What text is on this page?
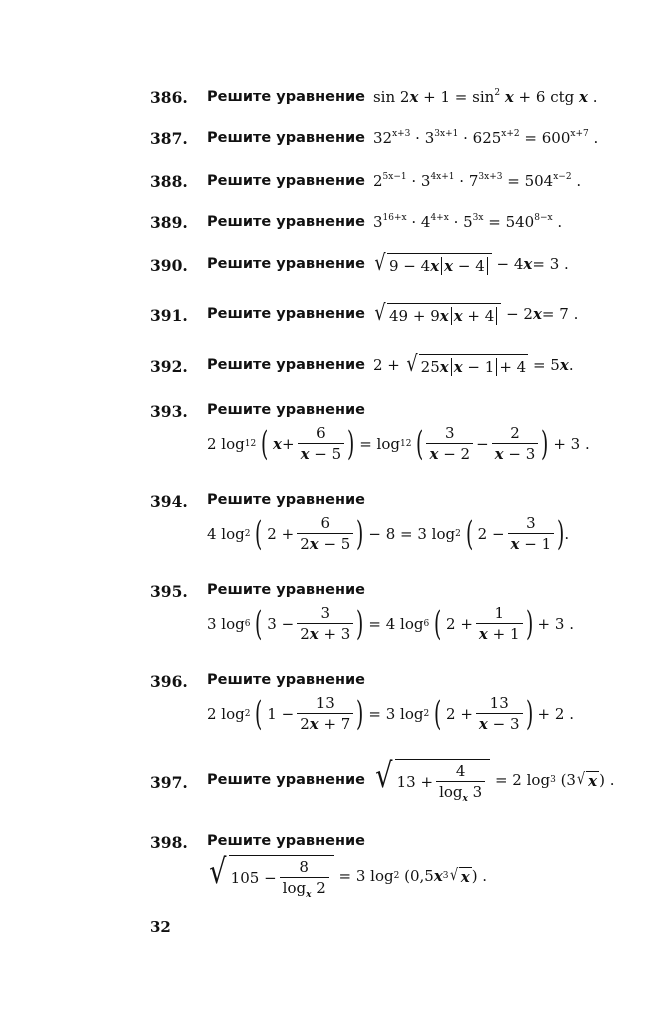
386. Решите уравнение $\sin 2x + 1 = \sin^2 x + 6$ ctg x .
387. Решите уравнение $32^{x+3} \cdot 3^{3x+1} \cdot 625^{x+2} = 600^{x+7}$ .
388. Решите уравнение $2^{5x-1} \cdot 3^{4x+1} \cdot 7^{3x+3} = 504^{x-2}$ .
389. Решите уравнение $3^{16+x} \cdot 4^{4+x} \cdot 5^{3x} = 540^{8-x}$ .
390. Решите уравнение √ 9 − 4 x x − 4 − 4 x = 3 .
391. Решите уравнение √ 49 + 9 x x + 4 − 2 x = 7 .
392. Решите уравнение 2 + √ 25 x x − 1 + 4 = 5 x .
393. Решите уравнение
2 log 12
(
$x + \frac{6}{x - 5}$ ) = log 12
( $\frac{3}{x - 2} - \frac{2}{x - 3}$ ) + 3 .
394. Решите уравнение
4 log 2
( $2 + \frac{6}{2x - 5}$ ) − 8 = 3 log 2
( $2 - \frac{3}{x - 1}$ ) .
395. Решите уравнение
3 log 6
( $3 - \frac{3}{2x + 3}$ ) = 4 log 6
( $2 + \frac{1}{x + 1}$ ) + 3 .
396. Решите уравнение
2 log 2
( $1 - \frac{13}{2x + 7}$ ) = 3 log 2
( $2 + \frac{13}{x - 3}$ ) + 2 .
397. Решите уравнение √ $13 + \frac{4}{\log_x 3} = 2$ log 3 (3 √ x ) .
398. Решите уравнение
√ $105 - \frac{8}{\log_x 2} = 3$ log 2 (0,5 x 3 √ x ) .
32
